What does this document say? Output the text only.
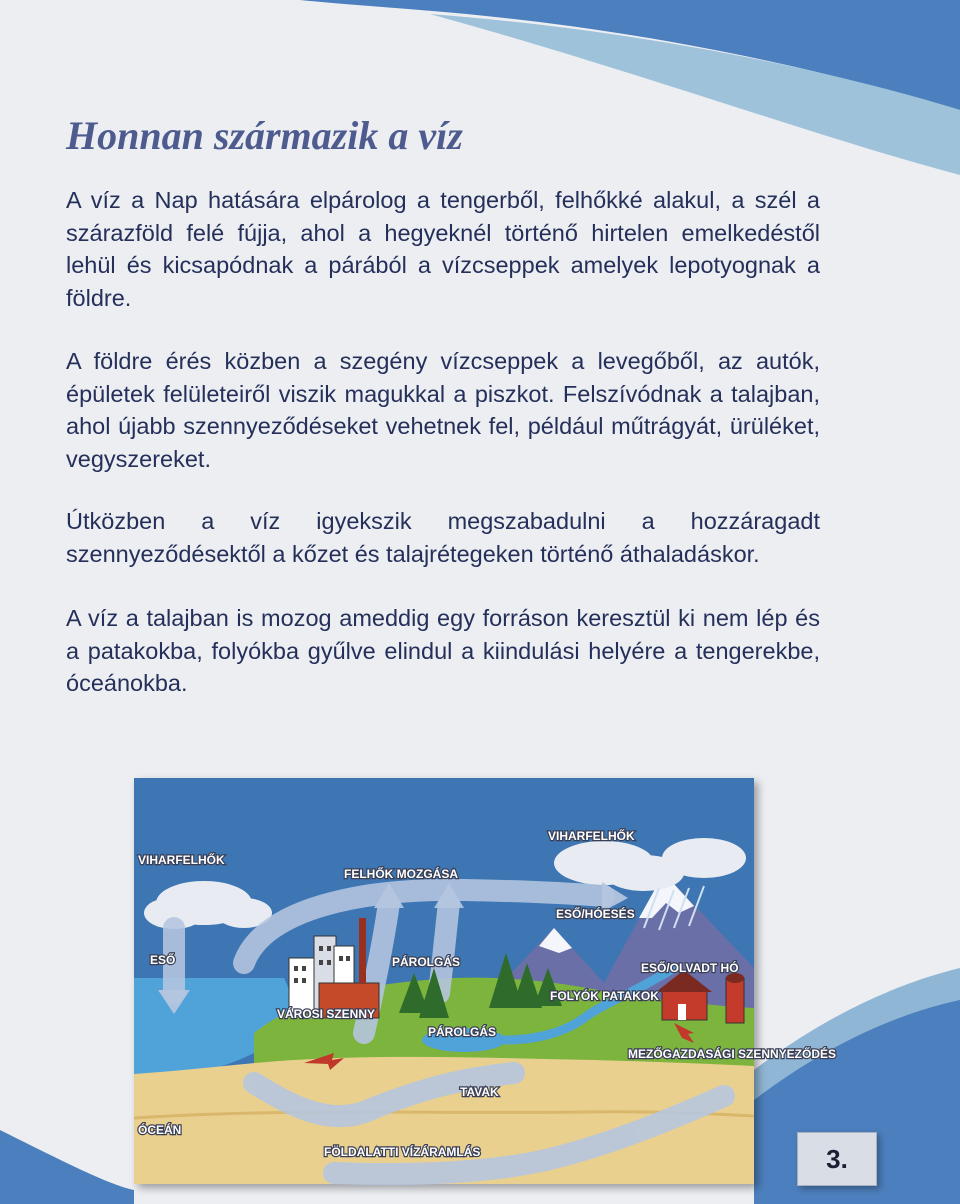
Honnan származik a víz

A víz a Nap hatására elpárolog a tengerből, felhőkké alakul, a szél a szárazföld felé fújja, ahol a hegyeknél történő hirtelen emelkedéstől lehül és kicsapódnak a párából a vízcseppek amelyek lepotyognak a földre.

A földre érés közben a szegény vízcseppek a levegőből, az autók, épületek felületeiről viszik magukkal a piszkot. Felszívódnak a talajban, ahol újabb szennyeződéseket vehetnek fel, például műtrágyát, ürüléket, vegyszereket.

Útközben a víz igyekszik megszabadulni a hozzáragadt szennyeződésektől a kőzet és talajrétegeken történő áthaladáskor.

A víz a talajban is mozog ameddig egy forráson keresztül ki nem lép és a patakokba, folyókba gyűlve elindul a kiindulási helyére a tengerekbe, óceánokba.

VIHARFELHŐK
FELHŐK MOZGÁSA
VIHARFELHŐK
ESŐ/HÓESÉS
ESŐ	PÁROLGÁS	ESŐ/OLVADT HÓ
VÁROSI SZENNY
FOLYÓK PATAKOK
PÁROLGÁS
MEZŐGAZDASÁGI SZENNYEZŐDÉS
TAVAK
ÓCEÁN
FÖLDALATTI VÍZÁRAMLÁS	3.
